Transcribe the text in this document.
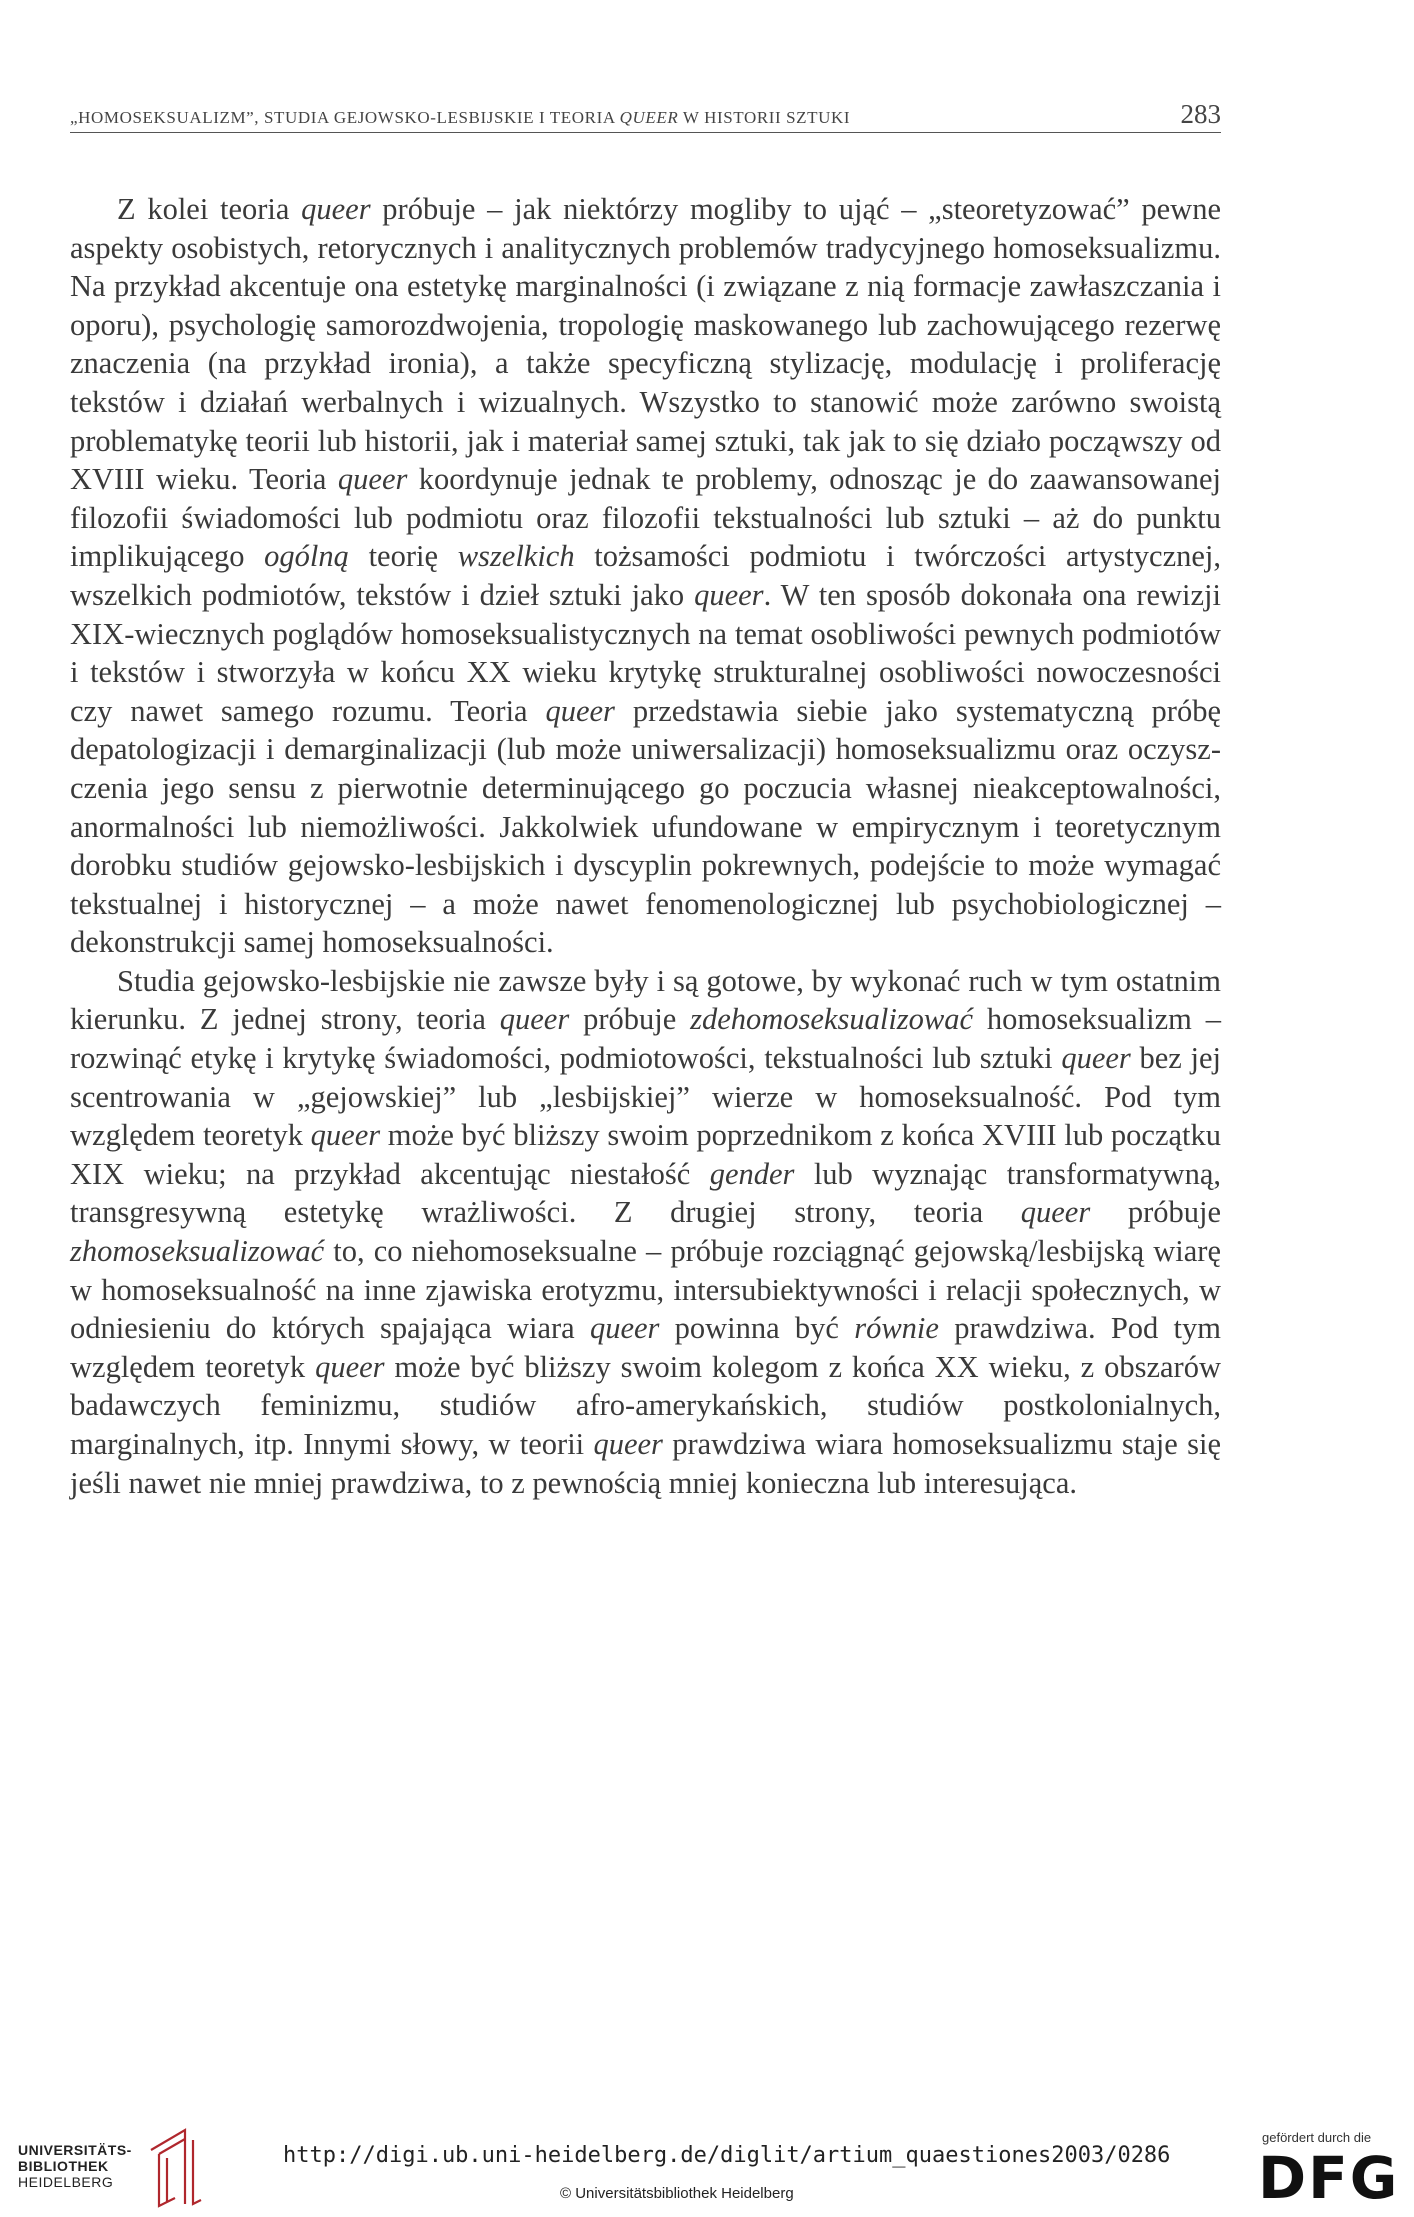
„HOMOSEKSUALIZM”, STUDIA GEJOWSKO-LESBIJSKIE I TEORIA QUEER W HISTORII SZTUKI	283

Z kolei teoria queer próbuje – jak niektórzy mogliby to ująć – „steoretyzować” pewne aspekty osobistych, retorycznych i analitycznych problemów tradycyjnego homoseksualizmu. Na przykład akcentuje ona estetykę marginalności (i związane z nią formacje zawłaszczania i oporu), psychologię samorozdwojenia, tropologię maskowanego lub zachowującego rezerwę znaczenia (na przykład ironia), a także specyficzną stylizację, modulację i proliferację tekstów i działań werbalnych i wizualnych. Wszystko to stanowić może zarówno swoistą problematykę teorii lub historii, jak i materiał samej sztuki, tak jak to się działo począwszy od XVIII wieku. Teoria queer koordynuje jednak te problemy, odnosząc je do zaawansowanej filozofii świadomości lub podmiotu oraz filozofii tekstualności lub sztuki – aż do punktu implikującego ogólną teorię wszelkich tożsamości podmiotu i twórczości artystycznej, wszelkich podmiotów, tekstów i dzieł sztuki jako queer. W ten sposób dokonała ona rewizji XIX-wiecznych poglądów homoseksualistycznych na temat osobliwości pewnych podmiotów i tekstów i stworzyła w końcu XX wieku krytykę strukturalnej osobliwości nowoczesności czy nawet samego rozumu. Teoria queer przedstawia siebie jako systematyczną próbę depatologizacji i demarginalizacji (lub może uniwersalizacji) homoseksualizmu oraz oczyszczenia jego sensu z pierwotnie determinującego go poczucia własnej nieakceptowalności, anormalności lub niemożliwości. Jakkolwiek ufundowane w empirycznym i teoretycznym dorobku studiów gejowsko-lesbijskich i dyscyplin pokrewnych, podejście to może wymagać tekstualnej i historycznej – a może nawet fenomenologicznej lub psychobiologicznej – dekonstrukcji samej homoseksualności.

Studia gejowsko-lesbijskie nie zawsze były i są gotowe, by wykonać ruch w tym ostatnim kierunku. Z jednej strony, teoria queer próbuje zdehomoseksualizować homoseksualizm – rozwinąć etykę i krytykę świadomości, podmiotowości, tekstualności lub sztuki queer bez jej scentrowania w „gejowskiej” lub „lesbijskiej” wierze w homoseksualność. Pod tym względem teoretyk queer może być bliższy swoim poprzednikom z końca XVIII lub początku XIX wieku; na przykład akcentując niestałość gender lub wyznając transformatywną, transgresywną estetykę wrażliwości. Z drugiej strony, teoria queer próbuje zhomoseksualizować to, co niehomoseksualne – próbuje rozciągnąć gejowską/lesbijską wiarę w homoseksualność na inne zjawiska erotyzmu, intersubiektywności i relacji społecznych, w odniesieniu do których spajająca wiara queer powinna być równie prawdziwa. Pod tym względem teoretyk queer może być bliższy swoim kolegom z końca XX wieku, z obszarów badawczych feminizmu, studiów afro-amerykańskich, studiów postkolonialnych, marginalnych, itp. Innymi słowy, w teorii queer prawdziwa wiara homoseksualizmu staje się jeśli nawet nie mniej prawdziwa, to z pewnością mniej konieczna lub interesująca.

UNIVERSITÄTS-
BIBLIOTHEK
HEIDELBERG
http://digi.ub.uni-heidelberg.de/diglit/artium_quaestiones2003/0286
© Universitätsbibliothek Heidelberg
gefördert durch die
DFG
